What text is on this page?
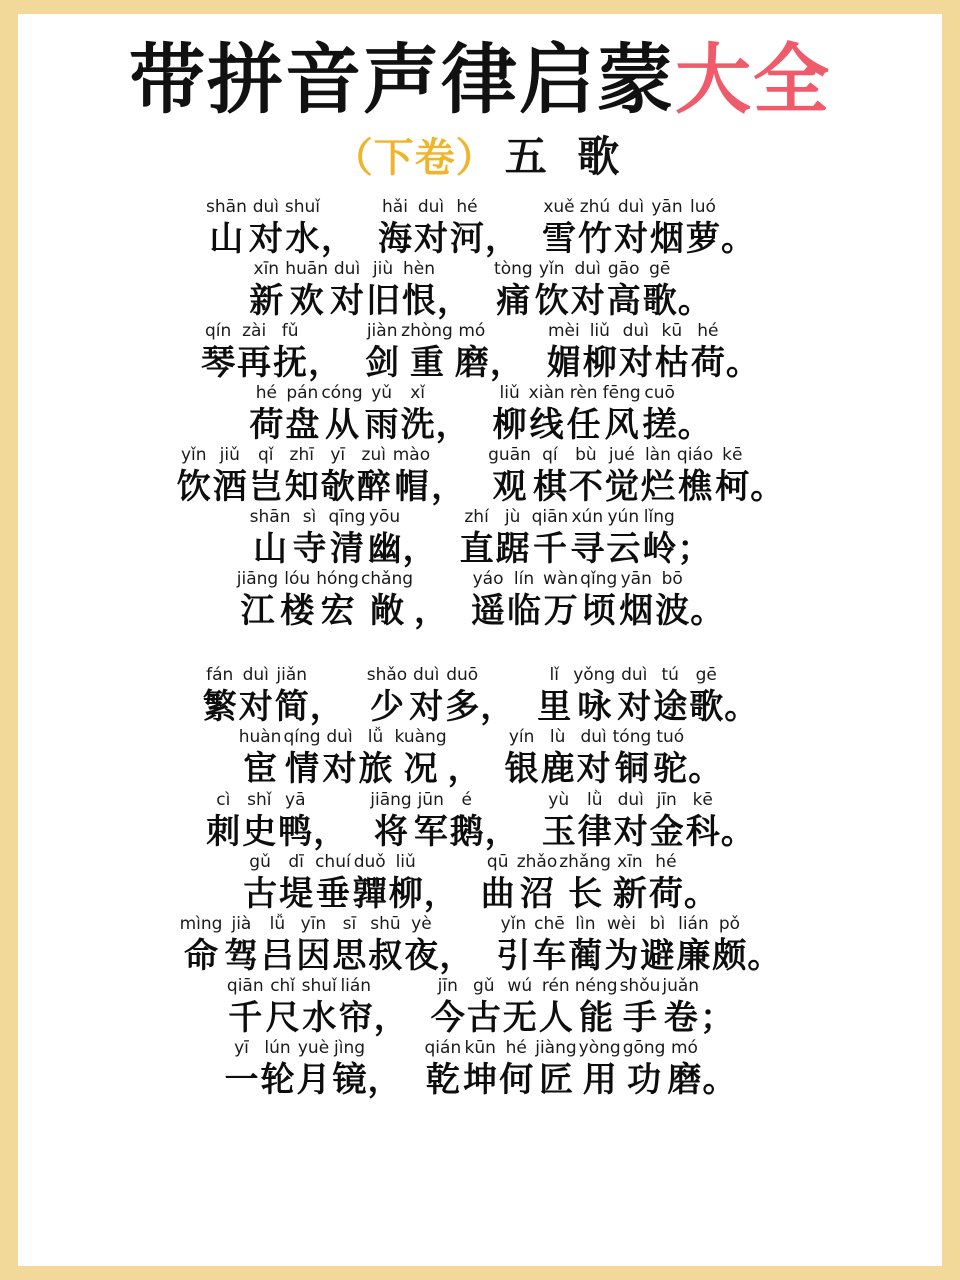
带拼音声律启蒙大全
（下卷） 五 歌
shān
山
duì
对
shuǐ
水 ，
hǎi
海
duì
对
hé
河 ，
xuě
雪
zhú
竹
duì
对
yān
烟
luó
萝 。
xīn
新
huān
欢
duì
对
jiù
旧
hèn
恨 ，
tòng
痛
yǐn
饮
duì
对
gāo
高
gē
歌 。
qín
琴
zài
再
fǔ
抚 ，
jiàn
剑
zhòng
重
mó
磨 ，
mèi
媚
liǔ
柳
duì
对
kū
枯
hé
荷 。
hé
荷
pán
盘
cóng
从
yǔ
雨
xǐ
洗 ，
liǔ
柳
xiàn
线
rèn
任
fēng
风
cuō
搓 。
yǐn
饮
jiǔ
酒
qǐ
岂
zhī
知
yī
欹
zuì
醉
mào
帽 ，
guān
观
qí
棋
bù
不
jué
觉
làn
烂
qiáo
樵
kē
柯 。
shān
山
sì
寺
qīng
清
yōu
幽 ，
zhí
直
jù
踞
qiān
千
xún
寻
yún
云
lǐng
岭 ；
jiāng
江
lóu
楼
hóng
宏
chǎng
敞 ，
yáo
遥
lín
临
wàn
万
qǐng
顷
yān
烟
bō
波 。
fán
繁
duì
对
jiǎn
简 ，
shǎo
少
duì
对
duō
多 ，
lǐ
里
yǒng
咏
duì
对
tú
途
gē
歌 。
huàn
宦
qíng
情
duì
对
lǚ
旅
kuàng
况 ，
yín
银
lù
鹿
duì
对
tóng
铜
tuó
驼 。
cì
刺
shǐ
史
yā
鸭 ，
jiāng
将
jūn
军
é
鹅 ，
yù
玉
lǜ
律
duì
对
jīn
金
kē
科 。
gǔ
古
dī
堤
chuí
垂
duǒ
嚲
liǔ
柳 ，
qū
曲
zhǎo
沼
zhǎng
长
xīn
新
hé
荷 。
mìng
命
jià
驾
lǚ
吕
yīn
因
sī
思
shū
叔
yè
夜 ，
yǐn
引
chē
车
lìn
蔺
wèi
为
bì
避
lián
廉
pǒ
颇 。
qiān
千
chǐ
尺
shuǐ
水
lián
帘 ，
jīn
今
gǔ
古
wú
无
rén
人
néng
能
shǒu
手
juǎn
卷 ；
yī
一
lún
轮
yuè
月
jìng
镜 ，
qián
乾
kūn
坤
hé
何
jiàng
匠
yòng
用
gōng
功
mó
磨 。
